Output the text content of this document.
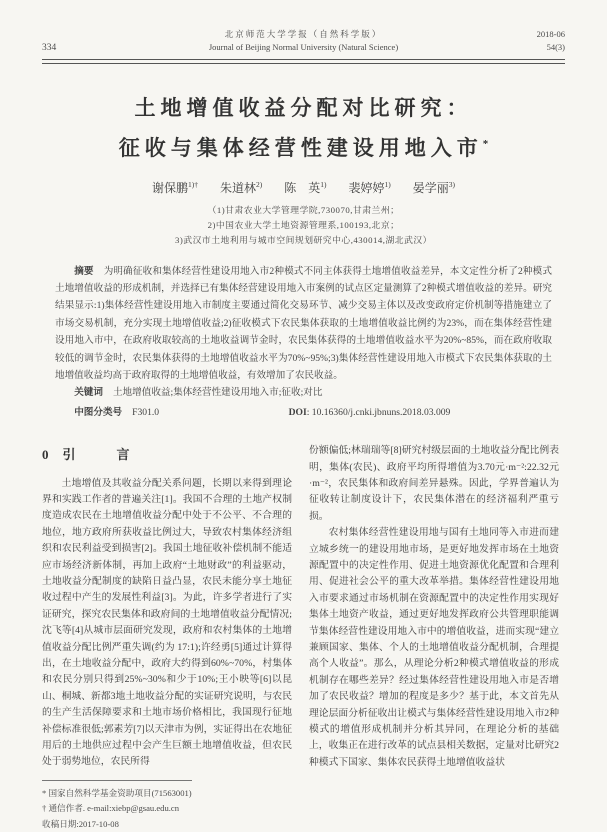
334
北京师范大学学报（自然科学版）
Journal of Beijing Normal University (Natural Science)
2018-06
54(3)
土地增值收益分配对比研究：
征收与集体经营性建设用地入市*
谢保鹏$^{1)\dagger}$ 朱道林$^{2)}$ 陈　英$^{1)}$ 裴婷婷$^{1)}$ 晏学丽$^{3)}$
（1)甘肃农业大学管理学院,730070,甘肃兰州；
2)中国农业大学土地资源管理系,100193,北京；
3)武汉市土地利用与城市空间规划研究中心,430014,湖北武汉）
摘要 为明确征收和集体经营性建设用地入市2种模式不同主体获得土地增值收益差异，本文定性分析了2种模式土地增值收益的形成机制，并选择已有集体经营建设用地入市案例的试点区定量测算了2种模式增值收益的差异。研究结果显示:1)集体经营性建设用地入市制度主要通过简化交易环节、减少交易主体以及改变政府定价机制等措施建立了市场交易机制，充分实现土地增值收益;2)征收模式下农民集体获取的土地增值收益比例约为23%，而在集体经营性建设用地入市中，在政府收取较高的土地收益调节金时，农民集体获得的土地增值收益水平为20%~85%，而在政府收取较低的调节金时，农民集体获得的土地增值收益水平为70%~95%;3)集体经营性建设用地入市模式下农民集体获取的土地增值收益均高于政府取得的土地增值收益，有效增加了农民收益。
关键词 土地增值收益;集体经营性建设用地入市;征收;对比
中图分类号 F301.0	DOI: 10.16360/j.cnki.jbnuns.2018.03.009
0 引　言

土地增值及其收益分配关系问题，长期以来得到理论界和实践工作者的普遍关注[1]。我国不合理的土地产权制度造成农民在土地增值收益分配中处于不公平、不合理的地位，地方政府所获收益比例过大，导致农村集体经济组织和农民利益受到损害[2]。我国土地征收补偿机制不能适应市场经济新体制，再加上政府“土地财政”的利益驱动，土地收益分配制度的缺陷日益凸显，农民未能分享土地征收过程中产生的发展性利益[3]。为此，许多学者进行了实证研究，探究农民集体和政府间的土地增值收益分配情况;沈飞等[4]从城市层面研究发现，政府和农村集体的土地增值收益分配比例严重失调(约为 17:1);许经勇[5]通过计算得出，在土地收益分配中，政府大约得到60%~70%，村集体和农民分别只得到25%~30%和少于10%;王小映等[6]以昆山、桐城、新都3地土地收益分配的实证研究说明，与农民的生产生活保障要求和土地市场价格相比，我国现行征地补偿标准很低;郭素芳[7]以天津市为例，实证得出在农地征用后的土地供应过程中会产生巨额土地增值收益，但农民处于弱势地位，农民所得

* 国家自然科学基金资助项目(71563001)
† 通信作者. e-mail:xiebp@gsau.edu.cn
收稿日期:2017-10-08

份额偏低;林瑞瑞等[8]研究村级层面的土地收益分配比例表明，集体(农民)、政府平均所得增值为3.70元·m⁻²:22.32元·m⁻²，农民集体和政府间差异悬殊。因此，学界普遍认为征收转让制度设计下，农民集体潜在的经济福利严重亏损。

农村集体经营性建设用地与国有土地同等入市进而建立城乡统一的建设用地市场，是更好地发挥市场在土地资源配置中的决定性作用、促进土地资源优化配置和合理利用、促进社会公平的重大改革举措。集体经营性建设用地入市要求通过市场机制在资源配置中的决定性作用实现好集体土地资产收益，通过更好地发挥政府公共管理职能调节集体经营性建设用地入市中的增值收益，进而实现“建立兼顾国家、集体、个人的土地增值收益分配机制，合理提高个人收益”。那么，从理论分析2种模式增值收益的形成机制存在哪些差异？经过集体经营性建设用地入市是否增加了农民收益？增加的程度是多少？基于此，本文首先从理论层面分析征收出让模式与集体经营性建设用地入市2种模式的增值形成机制并分析其异同，在理论分析的基础上，收集正在进行改革的试点县相关数据，定量对比研究2种模式下国家、集体农民获得土地增值收益状
